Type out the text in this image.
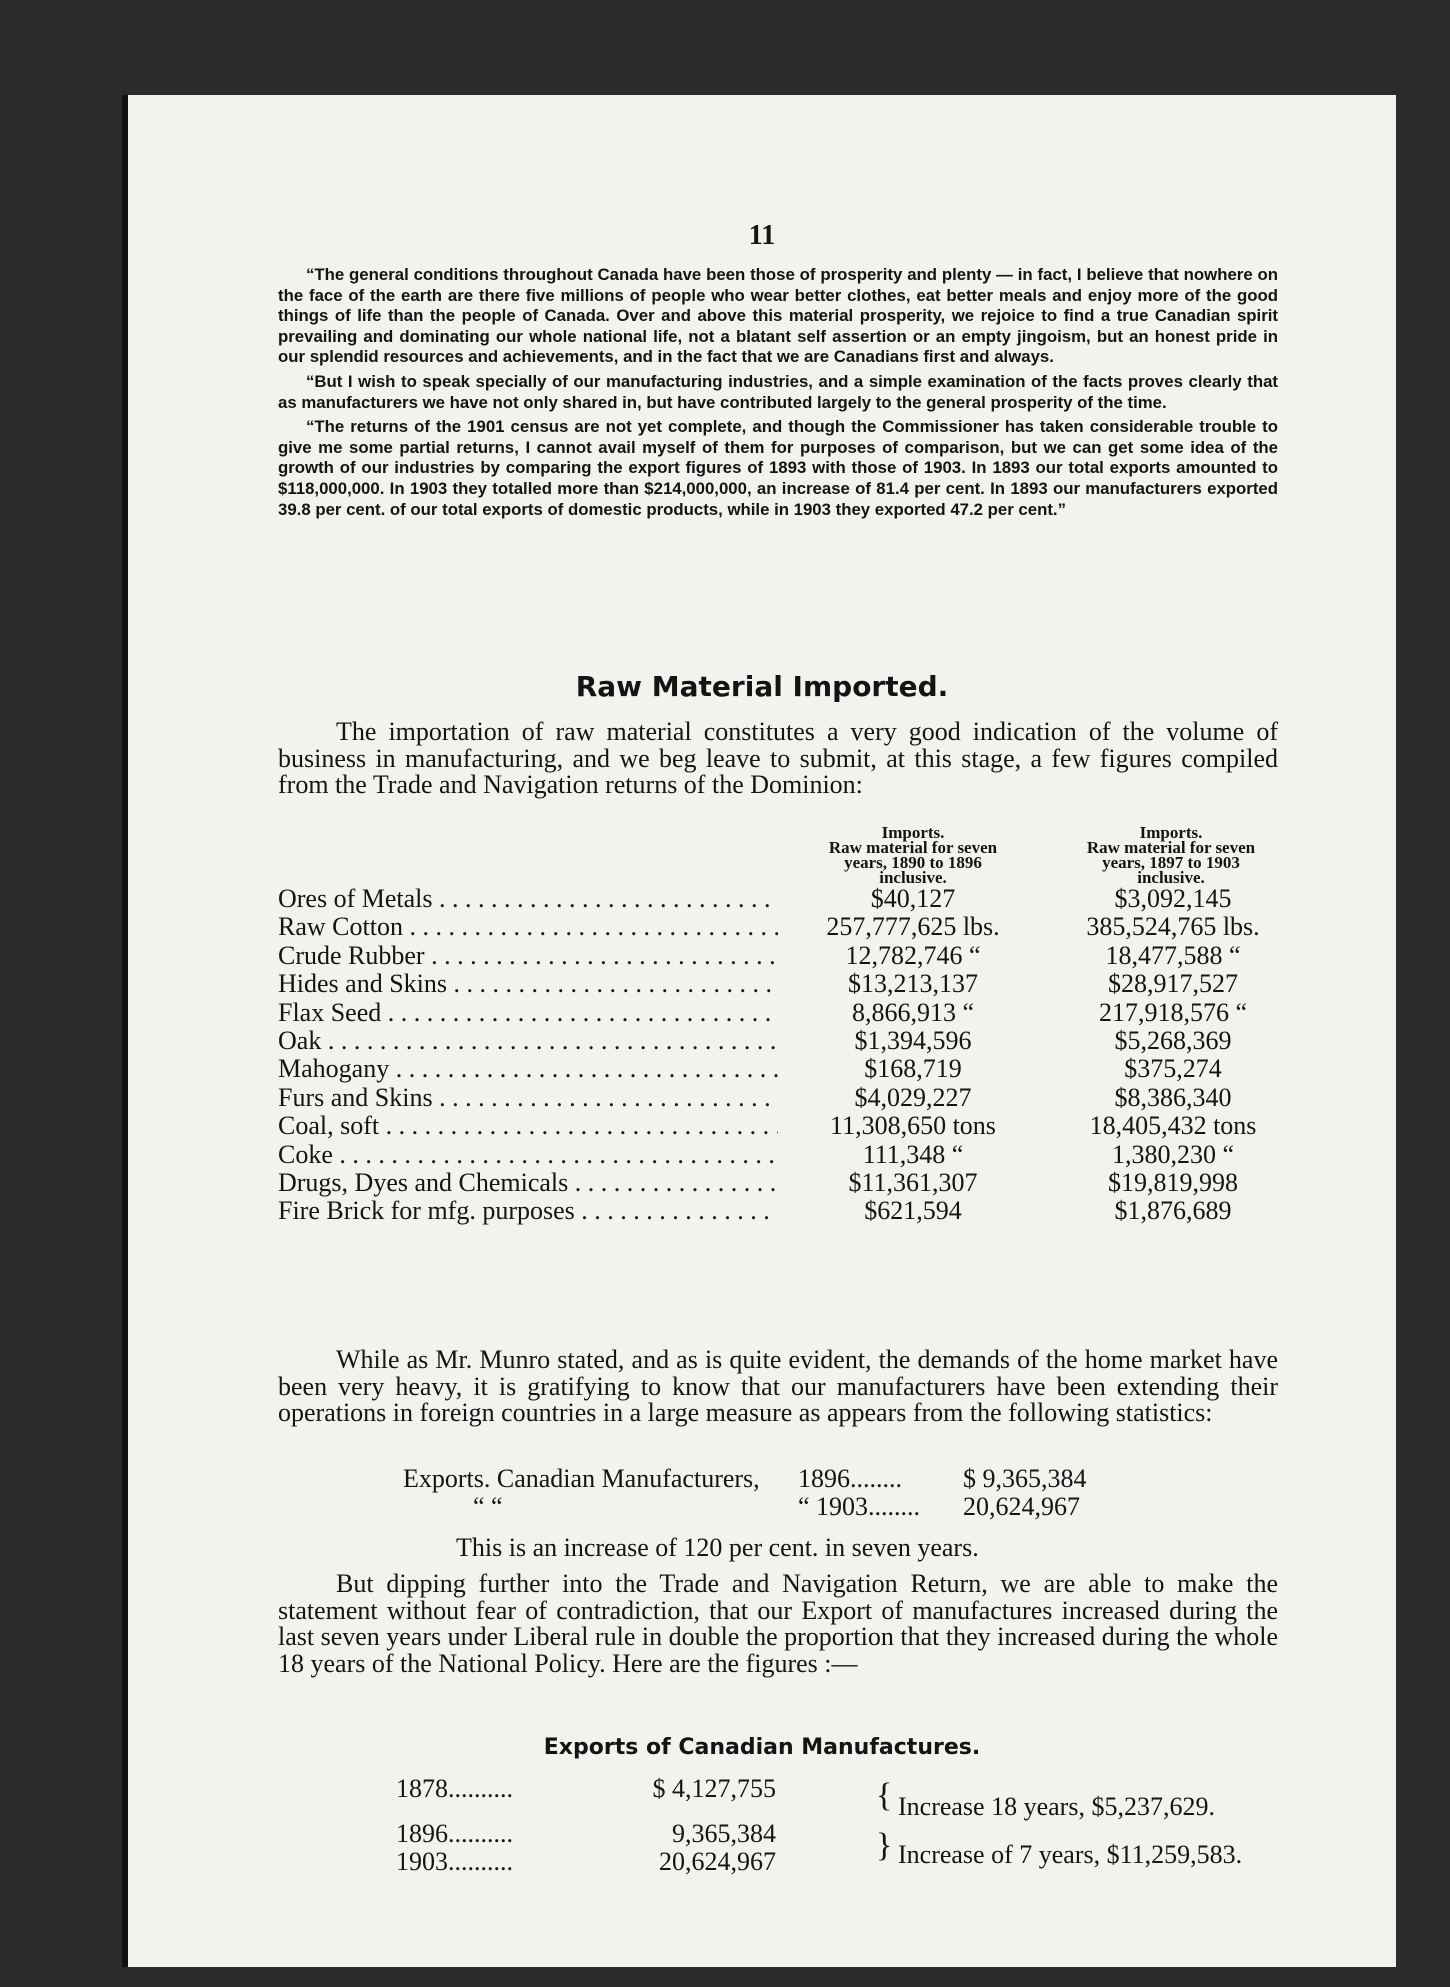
11

“The general conditions throughout Canada have been those of prosperity and plenty — in fact, I believe that nowhere on the face of the earth are there five millions of people who wear better clothes, eat better meals and enjoy more of the good things of life than the people of Canada. Over and above this material prosperity, we rejoice to find a true Canadian spirit prevailing and dominating our whole national life, not a blatant self assertion or an empty jingoism, but an honest pride in our splendid resources and achievements, and in the fact that we are Canadians first and always.

“But I wish to speak specially of our manufacturing industries, and a simple examination of the facts proves clearly that as manufacturers we have not only shared in, but have contributed largely to the general prosperity of the time.

“The returns of the 1901 census are not yet complete, and though the Commissioner has taken considerable trouble to give me some partial returns, I cannot avail myself of them for purposes of comparison, but we can get some idea of the growth of our industries by comparing the export figures of 1893 with those of 1903. In 1893 our total exports amounted to $118,000,000. In 1903 they totalled more than $214,000,000, an increase of 81.4 per cent. In 1893 our manufacturers exported 39.8 per cent. of our total exports of domestic products, while in 1903 they exported 47.2 per cent.”

Raw Material Imported.

The importation of raw material constitutes a very good indication of the volume of business in manufacturing, and we beg leave to submit, at this stage, a few figures compiled from the Trade and Navigation returns of the Dominion:

Imports.
Raw material for seven
years, 1890 to 1896
inclusive.
Imports.
Raw material for seven
years, 1897 to 1903
inclusive.
Ores of Metals . . .	$40,127	$3,092,145
Raw Cotton . . .	257,777,625 lbs.	385,524,765 lbs.
Crude Rubber . . .	12,782,746 “	18,477,588 “
Hides and Skins . . .	$13,213,137	$28,917,527
Flax Seed . . .	8,866,913 “	217,918,576 “
Oak . . .	$1,394,596	$5,268,369
Mahogany . . .	$168,719	$375,274
Furs and Skins . . .	$4,029,227	$8,386,340
Coal, soft . . .	11,308,650 tons	18,405,432 tons
Coke . . .	111,348 “	1,380,230 “
Drugs, Dyes and Chemicals . . .	$11,361,307	$19,819,998
Fire Brick for mfg. purposes . . .	$621,594	$1,876,689

While as Mr. Munro stated, and as is quite evident, the demands of the home market have been very heavy, it is gratifying to know that our manufacturers have been extending their operations in foreign countries in a large measure as appears from the following statistics:

Exports. Canadian Manufacturers, 1896........ $ 9,365,384
“ “	“ 1903........ 20,624,967
This is an increase of 120 per cent. in seven years.

But dipping further into the Trade and Navigation Return, we are able to make the statement without fear of contradiction, that our Export of manufactures increased during the last seven years under Liberal rule in double the proportion that they increased during the whole 18 years of the National Policy. Here are the figures :—

Exports of Canadian Manufactures.
1878..........	$ 4,127,755
1896..........	9,365,384
1903..........	20,624,967
{
}
Increase 18 years, $5,237,629.
Increase of 7 years, $11,259,583.
